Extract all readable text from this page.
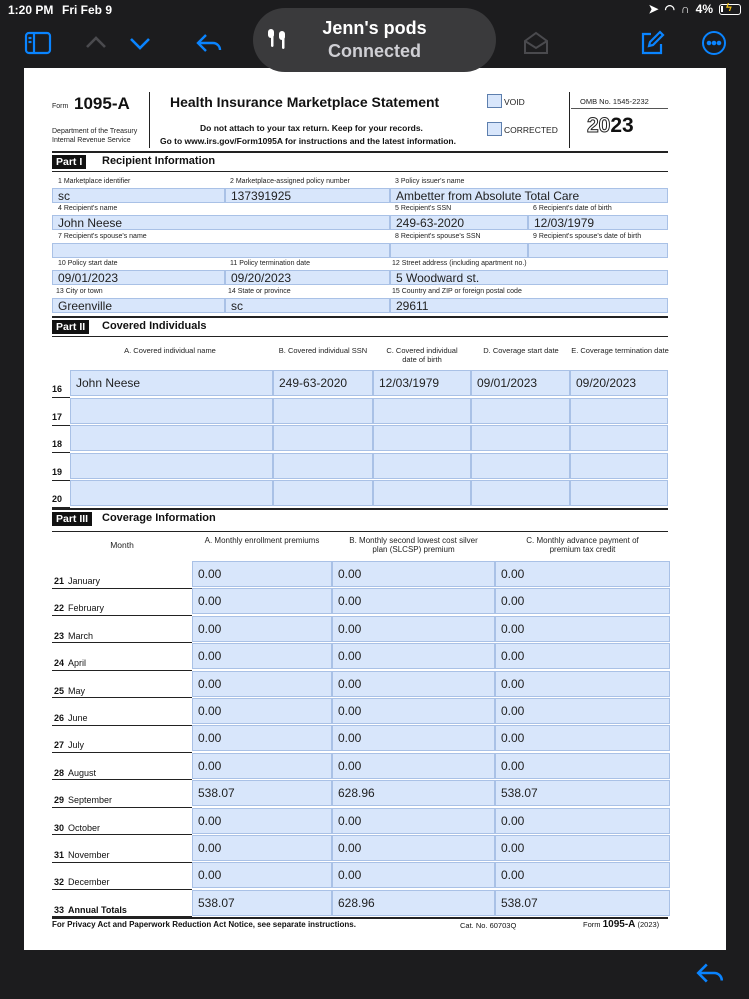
1:20 PM Fri Feb 9	➤ ◠ ∩ 4% ϟ
Jenn's pods
Connected
Form 1095-A
Department of the Treasury
Internal Revenue Service
Health Insurance Marketplace Statement
Do not attach to your tax return. Keep for your records.
Go to www.irs.gov/Form1095A for instructions and the latest information.
VOID
CORRECTED
OMB No. 1545-2232
2023
Part I	Recipient Information
1 Marketplace identifier	2 Marketplace-assigned policy number	3 Policy issuer's name
sc	137391925	Ambetter from Absolute Total Care
4 Recipient's name	5 Recipient's SSN	6 Recipient's date of birth
John Neese	249-63-2020	12/03/1979
7 Recipient's spouse's name	8 Recipient's spouse's SSN	9 Recipient's spouse's date of birth
10 Policy start date	11 Policy termination date	12 Street address (including apartment no.)
09/01/2023	09/20/2023	5 Woodward st.
13 City or town	14 State or province	15 Country and ZIP or foreign postal code
Greenville	sc	29611
Part II	Covered Individuals
A. Covered individual name	B. Covered individual SSN	C. Covered individual
date of birth
D. Coverage start date	E. Coverage termination date
Part III	Coverage Information
Month	A. Monthly enrollment premiums	B. Monthly second lowest cost silver
plan (SLCSP) premium
C. Monthly advance payment of
premium tax credit
For Privacy Act and Paperwork Reduction Act Notice, see separate instructions.	Cat. No. 60703Q	Form 1095-A (2023)
16	John Neese	249-63-2020	12/03/1979	09/01/2023	09/20/2023
17
18
19
20
21 January	0.00	0.00	0.00
22 February	0.00	0.00	0.00
23 March	0.00	0.00	0.00
24 April	0.00	0.00	0.00
25 May	0.00	0.00	0.00
26 June	0.00	0.00	0.00
27 July	0.00	0.00	0.00
28 August	0.00	0.00	0.00
29 September	538.07	628.96	538.07
30 October	0.00	0.00	0.00
31 November	0.00	0.00	0.00
32 December	0.00	0.00	0.00
33 Annual Totals	538.07	628.96	538.07
